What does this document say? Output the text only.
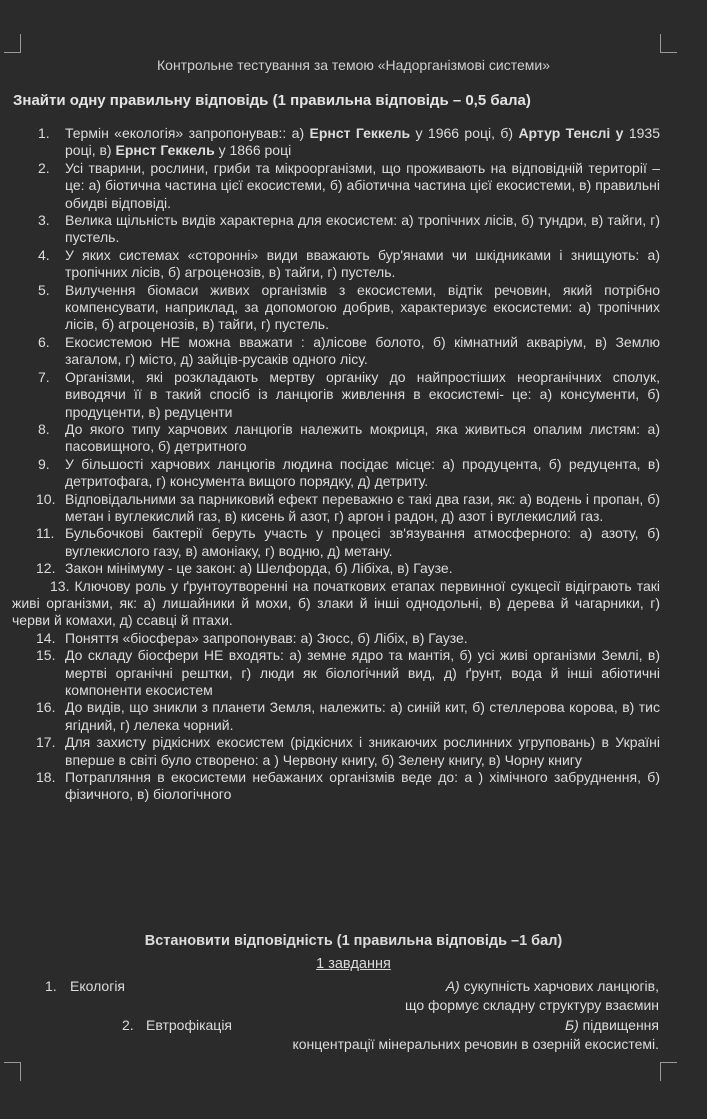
Контрольне тестування за темою «Надорганізмові системи»
Знайти одну правильну відповідь (1 правильна відповідь – 0,5 бала)
1. Термін «екологія» запропонував:: а) Ернст Геккель у 1966 році, б) Артур Тенслі у 1935 році, в) Ернст Геккель у 1866 році
2. Усі тварини, рослини, гриби та мікроорганізми, що проживають на відповідній території – це: а) біотична частина цієї екосистеми, б) абіотична частина цієї екосистеми, в) правильні обидві відповіді.
3. Велика щільність видів характерна для екосистем: а) тропічних лісів, б) тундри, в) тайги, г) пустель.
4. У яких системах «сторонні» види вважають бур'янами чи шкідниками і знищують: а) тропічних лісів, б) агроценозів, в) тайги, г) пустель.
5. Вилучення біомаси живих організмів з екосистеми, відтік речовин, який потрібно компенсувати, наприклад, за допомогою добрив, характеризує екосистеми: а) тропічних лісів, б) агроценозів, в) тайги, г) пустель.
6. Екосистемою НЕ можна вважати : а)лісове болото, б) кімнатний акваріум, в) Землю загалом, г) місто, д) зайців-русаків одного лісу.
7. Організми, які розкладають мертву органіку до найпростіших неорганічних сполук, виводячи її в такий спосіб із ланцюгів живлення в екосистемі- це: а) консументи, б) продуценти, в) редуценти
8. До якого типу харчових ланцюгів належить мокриця, яка живиться опалим листям: а) пасовищного, б) детритного
9. У більшості харчових ланцюгів людина посідає місце: а) продуцента, б) редуцента, в) детритофага, г) консумента вищого порядку, д) детриту.
10. Відповідальними за парниковий ефект переважно є такі два гази, як: а) водень і пропан, б) метан і вуглекислий газ, в) кисень й азот, г) аргон і радон, д) азот і вуглекислий газ.
11. Бульбочкові бактерії беруть участь у процесі зв'язування атмосферного: а) азоту, б) вуглекислого газу, в) амоніаку, г) водню, д) метану.
12. Закон мінімуму - це закон: а) Шелфорда, б) Лібіха, в) Гаузе.
13. Ключову роль у ґрунтоутворенні на початкових етапах первинної сукцесії відіграють такі живі організми, як: а) лишайники й мохи, б) злаки й інші однодольні, в) дерева й чагарники, г) черви й комахи, д) ссавці й птахи.
14. Поняття «біосфера» запропонував: а) Зюсс, б) Лібіх, в) Гаузе.
15. До складу біосфери НЕ входять: а) земне ядро та мантія, б) усі живі організми Землі, в) мертві органічні рештки, г) люди як біологічний вид, д) ґрунт, вода й інші абіотичні компоненти екосистем
16. До видів, що зникли з планети Земля, належить: а) синій кит, б) стеллерова корова, в) тис ягідний, г) лелека чорний.
17. Для захисту рідкісних екосистем (рідкісних і зникаючих рослинних угруповань) в Україні вперше в світі було створено: а ) Червону книгу, б) Зелену книгу, в) Чорну книгу
18. Потрапляння в екосистеми небажаних організмів веде до: а ) хімічного забруднення, б) фізичного, в) біологічного
Встановити відповідність (1 правильна відповідь –1 бал)
1 завдання
1. Екологія	А) сукупність харчових ланцюгів,
що формує складну структуру взаємин
2. Евтрофікація	Б) підвищення
концентрації мінеральних речовин в озерній екосистемі.
